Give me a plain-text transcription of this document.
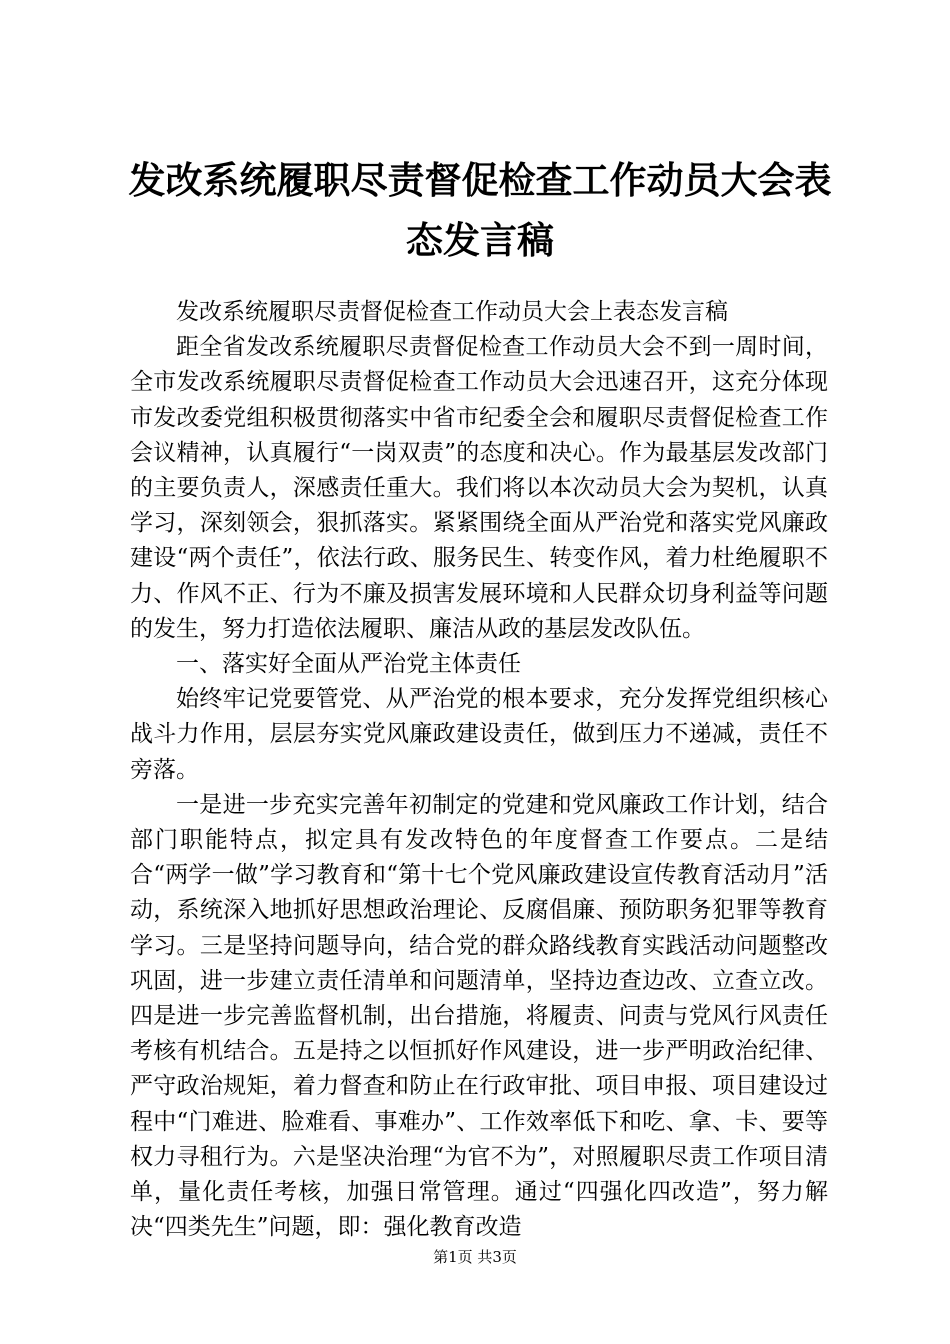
发改系统履职尽责督促检查工作动员大会表态发言稿

发改系统履职尽责督促检查工作动员大会上表态发言稿

距全省发改系统履职尽责督促检查工作动员大会不到一周时间，全市发改系统履职尽责督促检查工作动员大会迅速召开，这充分体现市发改委党组积极贯彻落实中省市纪委全会和履职尽责督促检查工作会议精神，认真履行“一岗双责”的态度和决心。作为最基层发改部门的主要负责人，深感责任重大。我们将以本次动员大会为契机，认真学习，深刻领会，狠抓落实。紧紧围绕全面从严治党和落实党风廉政建设“两个责任”，依法行政、服务民生、转变作风，着力杜绝履职不力、作风不正、行为不廉及损害发展环境和人民群众切身利益等问题的发生，努力打造依法履职、廉洁从政的基层发改队伍。

一、落实好全面从严治党主体责任

始终牢记党要管党、从严治党的根本要求，充分发挥党组织核心战斗力作用，层层夯实党风廉政建设责任，做到压力不递减，责任不旁落。

一是进一步充实完善年初制定的党建和党风廉政工作计划，结合部门职能特点，拟定具有发改特色的年度督查工作要点。二是结合“两学一做”学习教育和“第十七个党风廉政建设宣传教育活动月”活动，系统深入地抓好思想政治理论、反腐倡廉、预防职务犯罪等教育学习。三是坚持问题导向，结合党的群众路线教育实践活动问题整改巩固，进一步建立责任清单和问题清单，坚持边查边改、立查立改。四是进一步完善监督机制，出台措施，将履责、问责与党风行风责任考核有机结合。五是持之以恒抓好作风建设，进一步严明政治纪律、严守政治规矩，着力督查和防止在行政审批、项目申报、项目建设过程中“门难进、脸难看、事难办”、工作效率低下和吃、拿、卡、要等权力寻租行为。六是坚决治理“为官不为”，对照履职尽责工作项目清单，量化责任考核，加强日常管理。通过“四强化四改造”，努力解决“四类先生”问题，即：强化教育改造

第1页 共3页
